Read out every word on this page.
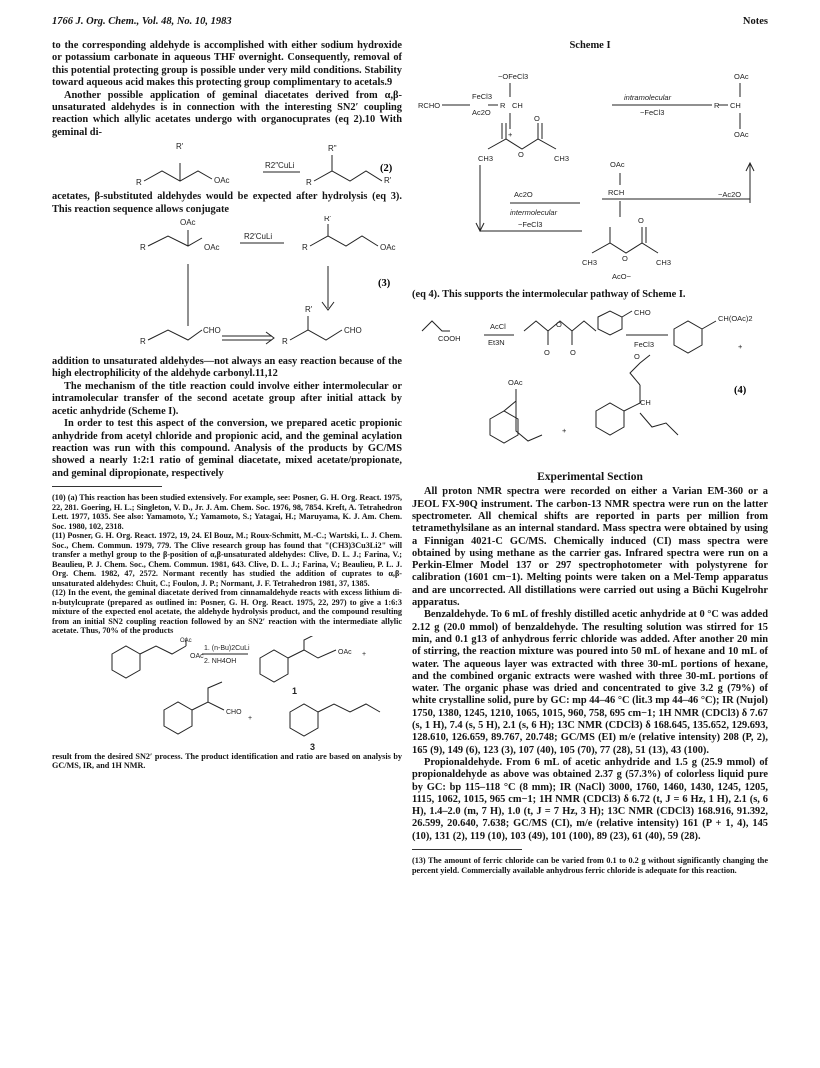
1766 J. Org. Chem., Vol. 48, No. 10, 1983	Notes

to the corresponding aldehyde is accomplished with either sodium hydroxide or potassium carbonate in aqueous THF overnight. Consequently, removal of this potential protecting group is possible under very mild conditions. Stability toward aqueous acid makes this protecting group complimentary to acetals.9

Another possible application of geminal diacetates derived from α,β-unsaturated aldehydes is in connection with the interesting SN2′ coupling reaction which allylic acetates undergo with organocuprates (eq 2).10 With geminal di-

R
R'
OAc
R2″CuLi
R
R"
R'
(2)

acetates, β-substituted aldehydes would be expected after hydrolysis (eq 3). This reaction sequence allows conjugate

R
OAc
OAc
R2′CuLi
R
R'
OAc
R
CHO
R
R'
CHO
(3)

addition to unsaturated aldehydes—not always an easy reaction because of the high electrophilicity of the aldehyde carbonyl.11,12

The mechanism of the title reaction could involve either intermolecular or intramolecular transfer of the second acetate group after initial attack by acetic anhydride (Scheme I).

In order to test this aspect of the conversion, we prepared acetic propionic anhydride from acetyl chloride and propionic acid, and the geminal acylation reaction was run with this compound. Analysis of the products by GC/MS showed a nearly 1:2:1 ratio of geminal diacetate, mixed acetate/propionate, and geminal dipropionate, respectively

(10) (a) This reaction has been studied extensively. For example, see: Posner, G. H. Org. React. 1975, 22, 281. Goering, H. L.; Singleton, V. D., Jr. J. Am. Chem. Soc. 1976, 98, 7854. Kreft, A. Tetrahedron Lett. 1977, 1035. See also: Yamamoto, Y.; Yamamoto, S.; Yatagai, H.; Maruyama, K. J. Am. Chem. Soc. 1980, 102, 2318.

(11) Posner, G. H. Org. React. 1972, 19, 24. El Bouz, M.; Roux-Schmitt, M.-C.; Wartski, L. J. Chem. Soc., Chem. Commun. 1979, 779. The Clive research group has found that "(CH3)3Cu3Li2" will transfer a methyl group to the β-position of α,β-unsaturated aldehydes: Clive, D. L. J.; Farina, V.; Beaulieu, P. J. Chem. Soc., Chem. Commun. 1981, 643. Clive, D. L. J.; Farina, V.; Beaulieu, P. L. J. Org. Chem. 1982, 47, 2572. Normant recently has studied the addition of cuprates to α,β-unsaturated aldehydes: Chuit, C.; Foulon, J. P.; Normant, J. F. Tetrahedron 1981, 37, 1385.

(12) In the event, the geminal diacetate derived from cinnamaldehyde reacts with excess lithium di-n-butylcuprate (prepared as outlined in: Posner, G. H. Org. React. 1975, 22, 297) to give a 1:6:3 mixture of the expected enol acetate, the aldehyde hydrolysis product, and the compound resulting from an initial SN2 coupling reaction followed by an SN2′ reaction with the intermediate allylic acetate. Thus, 70% of the products

OAc
OAc
1. (n-Bu)2CuLi
2. NH4OH
OAc +
CHO
+
1
3

result from the desired SN2′ process. The product identification and ratio are based on analysis by GC/MS, IR, and 1H NMR.

Scheme I
RCHO
FeCl3
Ac2O
R CH
−OFeCl3
+
CH3	O
O
CH3
intramolecular
−FeCl3
R CH
OAc
OAc
−Ac2O
OAc
RCH
Ac2O
intermolecular
−FeCl3
CH3	O
O
CH3
AcO−

(eq 4). This supports the intermolecular pathway of Scheme I.

COOH
AcCl
Et3N
O
O	O
CHO
FeCl3
CH(OAc)2
+
OAc
+
O
CH
(4)
Experimental Section

All proton NMR spectra were recorded on either a Varian EM-360 or a JEOL FX-90Q instrument. The carbon-13 NMR spectra were run on the latter spectrometer. All chemical shifts are reported in parts per million from tetramethylsilane as an internal standard. Mass spectra were obtained by using a Finnigan 4021-C GC/MS. Chemically induced (CI) mass spectra were obtained by using methane as the carrier gas. Infrared spectra were run on a Perkin-Elmer Model 137 or 297 spectrophotometer with polystyrene for calibration (1601 cm−1). Melting points were taken on a Mel-Temp apparatus and are uncorrected. All distillations were carried out using a Büchi Kugelrohr apparatus.

Benzaldehyde. To 6 mL of freshly distilled acetic anhydride at 0 °C was added 2.12 g (20.0 mmol) of benzaldehyde. The resulting solution was stirred for 15 min, and 0.1 g13 of anhydrous ferric chloride was added. After another 20 min of stirring, the reaction mixture was poured into 50 mL of hexane and 10 mL of water. The aqueous layer was extracted with three 30-mL portions of hexane, and the combined organic extracts were washed with three 30-mL portions of water. The organic phase was dried and concentrated to give 3.2 g (79%) of white crystalline solid, pure by GC: mp 44–46 °C (lit.3 mp 44–46 °C); IR (Nujol) 1750, 1380, 1245, 1210, 1065, 1015, 960, 758, 695 cm−1; 1H NMR (CDCl3) δ 7.67 (s, 1 H), 7.4 (s, 5 H), 2.1 (s, 6 H); 13C NMR (CDCl3) δ 168.645, 135.652, 129.693, 128.610, 126.659, 89.767, 20.748; GC/MS (EI) m/e (relative intensity) 208 (P, 2), 165 (9), 149 (6), 123 (3), 107 (40), 105 (70), 77 (28), 51 (13), 43 (100).

Propionaldehyde. From 6 mL of acetic anhydride and 1.5 g (25.9 mmol) of propionaldehyde as above was obtained 2.37 g (57.3%) of colorless liquid pure by GC: bp 115–118 °C (8 mm); IR (NaCl) 3000, 1760, 1460, 1430, 1245, 1205, 1115, 1062, 1015, 965 cm−1; 1H NMR (CDCl3) δ 6.72 (t, J = 6 Hz, 1 H), 2.1 (s, 6 H), 1.4–2.0 (m, 7 H), 1.0 (t, J = 7 Hz, 3 H); 13C NMR (CDCl3) 168.916, 91.392, 26.599, 20.640, 7.638; GC/MS (CI), m/e (relative intensity) 161 (P + 1, 4), 145 (10), 131 (2), 119 (10), 103 (49), 101 (100), 89 (23), 61 (40), 59 (28).

(13) The amount of ferric chloride can be varied from 0.1 to 0.2 g without significantly changing the percent yield. Commercially available anhydrous ferric chloride is adequate for this reaction.
